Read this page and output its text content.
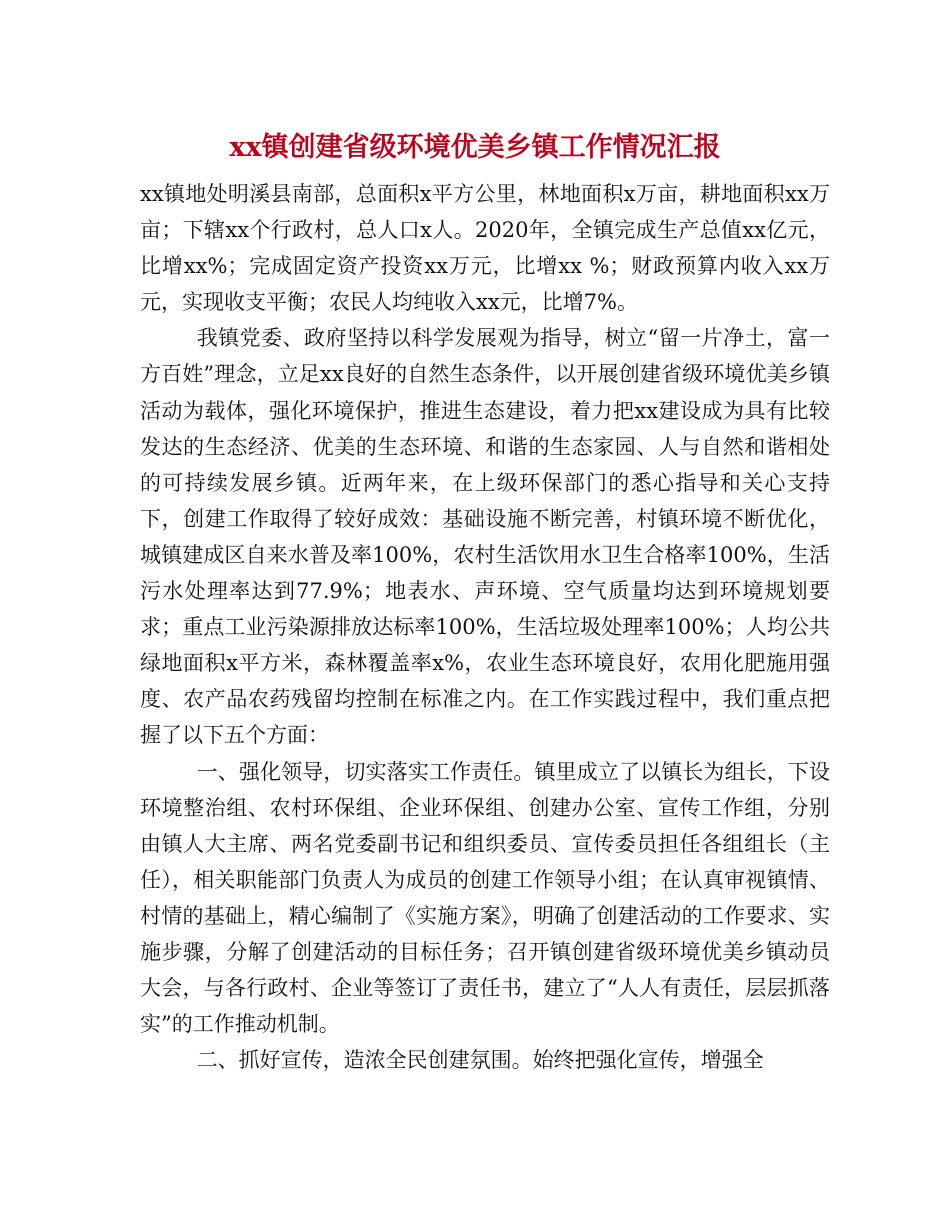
xx镇创建省级环境优美乡镇工作情况汇报

xx镇地处明溪县南部，总面积x平方公里，林地面积x万亩，耕地面积xx万亩；下辖xx个行政村，总人口x人。2020年，全镇完成生产总值xx亿元，比增xx%；完成固定资产投资xx万元，比增xx %；财政预算内收入xx万元，实现收支平衡；农民人均纯收入xx元，比增7%。

我镇党委、政府坚持以科学发展观为指导，树立“留一片净土，富一方百姓”理念，立足xx良好的自然生态条件，以开展创建省级环境优美乡镇活动为载体，强化环境保护，推进生态建设，着力把xx建设成为具有比较发达的生态经济、优美的生态环境、和谐的生态家园、人与自然和谐相处的可持续发展乡镇。近两年来，在上级环保部门的悉心指导和关心支持下，创建工作取得了较好成效：基础设施不断完善，村镇环境不断优化，城镇建成区自来水普及率100%，农村生活饮用水卫生合格率100%，生活污水处理率达到77.9%；地表水、声环境、空气质量均达到环境规划要求；重点工业污染源排放达标率100%，生活垃圾处理率100%；人均公共绿地面积x平方米，森林覆盖率x%，农业生态环境良好，农用化肥施用强度、农产品农药残留均控制在标准之内。在工作实践过程中，我们重点把握了以下五个方面：

一、强化领导，切实落实工作责任。镇里成立了以镇长为组长，下设环境整治组、农村环保组、企业环保组、创建办公室、宣传工作组，分别由镇人大主席、两名党委副书记和组织委员、宣传委员担任各组组长（主任），相关职能部门负责人为成员的创建工作领导小组；在认真审视镇情、村情的基础上，精心编制了《实施方案》，明确了创建活动的工作要求、实施步骤，分解了创建活动的目标任务；召开镇创建省级环境优美乡镇动员大会，与各行政村、企业等签订了责任书，建立了“人人有责任，层层抓落实”的工作推动机制。

二、抓好宣传，造浓全民创建氛围。始终把强化宣传，增强全
